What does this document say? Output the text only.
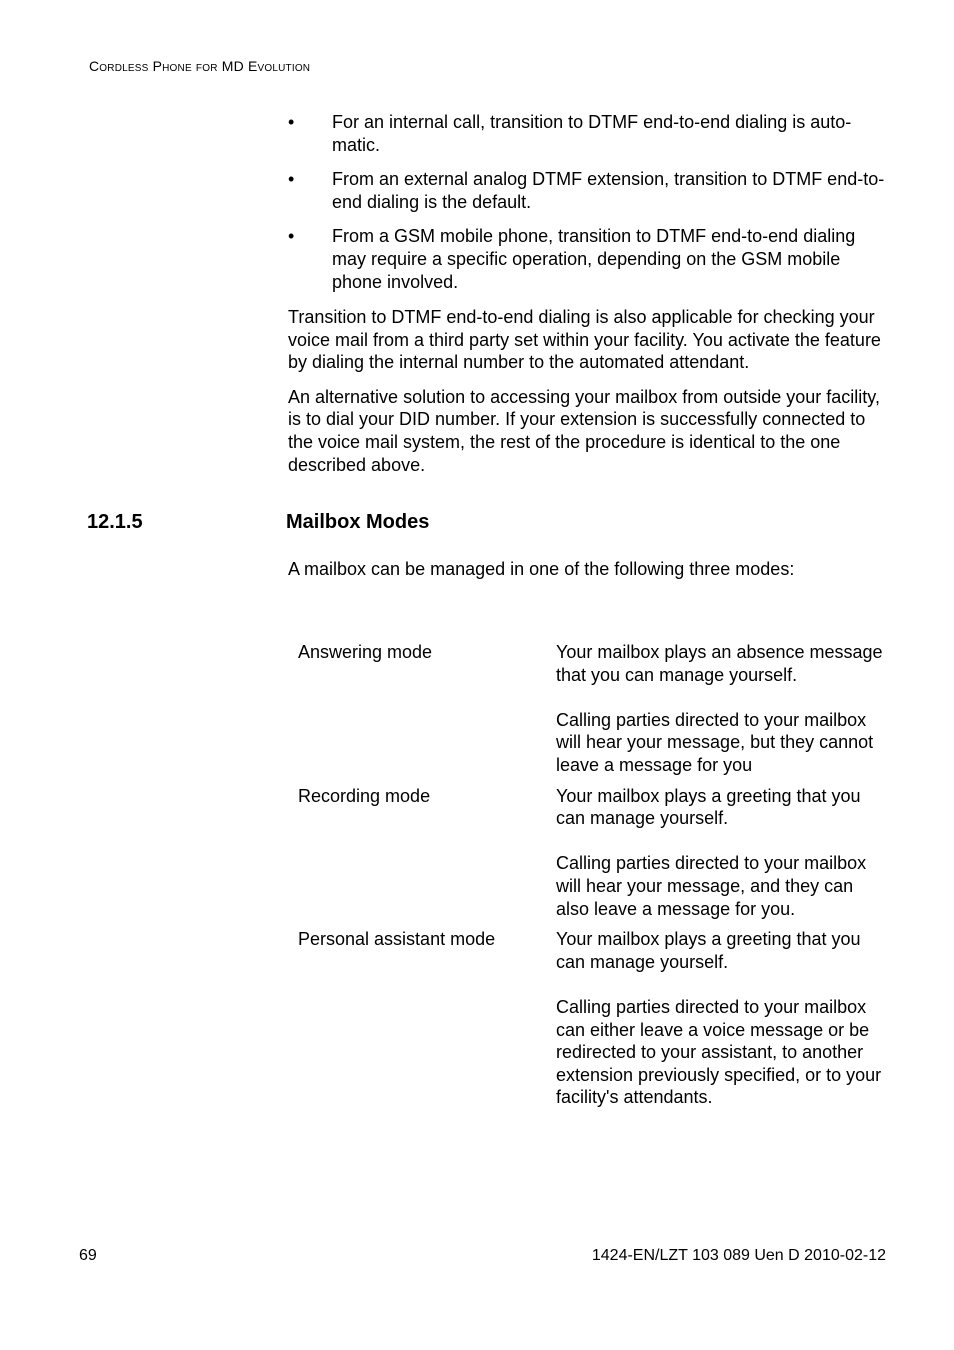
Cordless Phone for MD Evolution
• For an internal call, transition to DTMF end-to-end dialing is auto-matic.
• From an external analog DTMF extension, transition to DTMF end-to-end dialing is the default.
• From a GSM mobile phone, transition to DTMF end-to-end dialing may require a specific operation, depending on the GSM mobile phone involved.

Transition to DTMF end-to-end dialing is also applicable for checking your voice mail from a third party set within your facility. You activate the feature by dialing the internal number to the automated attendant.

An alternative solution to accessing your mailbox from outside your facility, is to dial your DID number. If your extension is successfully connected to the voice mail system, the rest of the procedure is identical to the one described above.

12.1.5	Mailbox Modes
A mailbox can be managed in one of the following three modes:
Answering mode	Your mailbox plays an absence message that you can manage yourself.

Calling parties directed to your mailbox will hear your message, but they cannot leave a message for you

Recording mode	Your mailbox plays a greeting that you can manage yourself.

Calling parties directed to your mailbox will hear your message, and they can also leave a message for you.

Personal assistant mode	Your mailbox plays a greeting that you can manage yourself.

Calling parties directed to your mailbox can either leave a voice message or be redirected to your assistant, to another extension previously specified, or to your facility's attendants.

69	1424-EN/LZT 103 089 Uen D 2010-02-12
